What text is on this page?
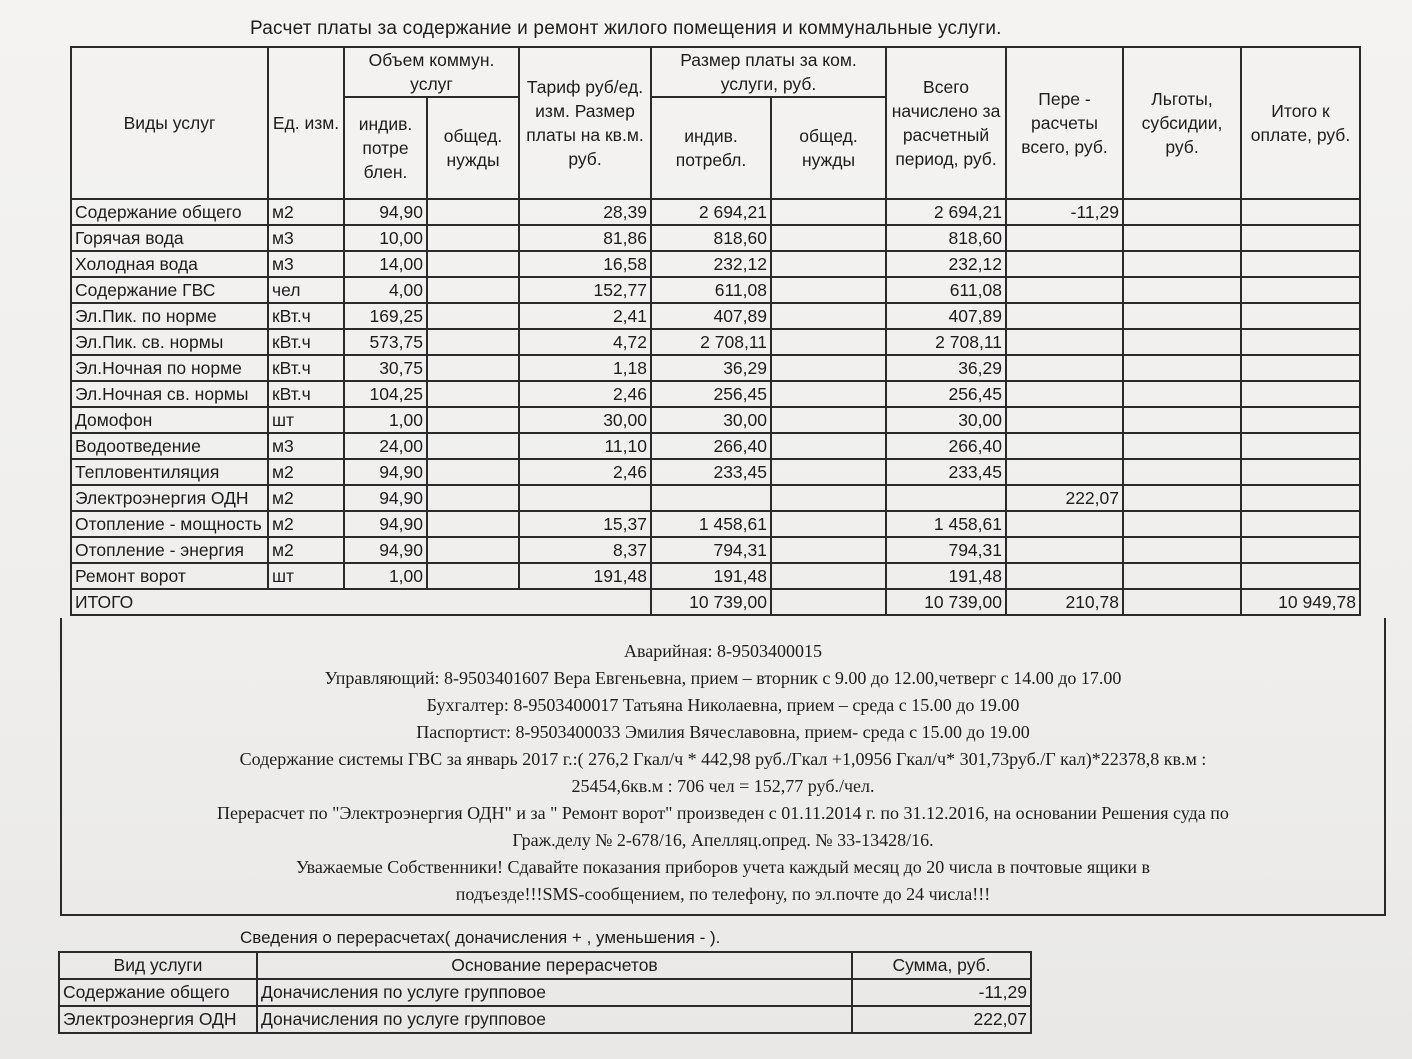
Расчет платы за содержание и ремонт жилого помещения и коммунальные услуги.
Виды услуг	Ед. изм.	Объем коммун. услуг		Тариф руб/ед. изм. Размер платы на кв.м. руб.	Размер платы за ком. услуги, руб.		Всего начислено за расчетный период, руб.	Пере - расчеты всего, руб.	Льготы, субсидии, руб.	Итого к оплате, руб.
		индив. потре блен.	общед. нужды		индив. потребл.	общед. нужды				
Содержание общего	м2	94,90		28,39	2 694,21		2 694,21	-11,29		
Горячая вода	м3	10,00		81,86	818,60		818,60			
Холодная вода	м3	14,00		16,58	232,12		232,12			
Содержание ГВС	чел	4,00		152,77	611,08		611,08			
Эл.Пик. по норме	кВт.ч	169,25		2,41	407,89		407,89			
Эл.Пик. св. нормы	кВт.ч	573,75		4,72	2 708,11		2 708,11			
Эл.Ночная по норме	кВт.ч	30,75		1,18	36,29		36,29			
Эл.Ночная св. нормы	кВт.ч	104,25		2,46	256,45		256,45			
Домофон	шт	1,00		30,00	30,00		30,00			
Водоотведение	м3	24,00		11,10	266,40		266,40			
Тепловентиляция	м2	94,90		2,46	233,45		233,45			
Электроэнергия ОДН	м2	94,90						222,07		
Отопление - мощность	м2	94,90		15,37	1 458,61		1 458,61			
Отопление - энергия	м2	94,90		8,37	794,31		794,31			
Ремонт ворот	шт	1,00		191,48	191,48		191,48			
ИТОГО					10 739,00		10 739,00	210,78		10 949,78

Аварийная: 8-9503400015

Управляющий: 8-9503401607 Вера Евгеньевна, прием – вторник с 9.00 до 12.00,четверг с 14.00 до 17.00

Бухгалтер: 8-9503400017 Татьяна Николаевна, прием – среда с 15.00 до 19.00

Паспортист: 8-9503400033 Эмилия Вячеславовна, прием- среда с 15.00 до 19.00

Содержание системы ГВС за январь 2017 г.:( 276,2 Гкал/ч * 442,98 руб./Гкал +1,0956 Гкал/ч* 301,73руб./Г кал)*22378,8 кв.м :

25454,6кв.м : 706 чел = 152,77 руб./чел.

Перерасчет по "Электроэнергия ОДН" и за " Ремонт ворот" произведен с 01.11.2014 г. по 31.12.2016, на основании Решения суда по

Граж.делу № 2-678/16, Апелляц.опред. № 33-13428/16.

Уважаемые Собственники! Сдавайте показания приборов учета каждый месяц до 20 числа в почтовые ящики в

подъезде!!!SMS-сообщением, по телефону, по эл.почте до 24 числа!!!

Сведения о перерасчетах( доначисления + , уменьшения - ).
Вид услуги	Основание перерасчетов	Сумма, руб.
Содержание общего	Доначисления по услуге групповое	-11,29
Электроэнергия ОДН	Доначисления по услуге групповое	222,07
